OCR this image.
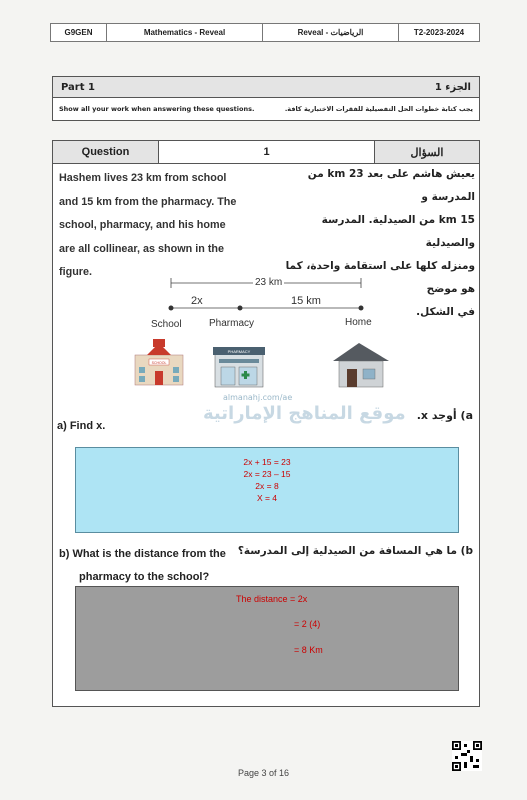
G9GEN	Mathematics - Reveal	Reveal - الرياضيات	T2-2023-2024
Part 1	الجزء 1
Show all your work when answering these questions.	يجب كتابة خطوات الحل التفصيلية للفقرات الاختبارية كافة.
Question	1	السؤال
Hashem lives 23 km from school
and 15 km from the pharmacy. The
school, pharmacy, and his home
are all collinear, as shown in the
figure.
يعيش هاشم على بعد 23 km من المدرسة و
15 km من الصيدلية. المدرسة والصيدلية
ومنزله كلها على استقامة واحدة، كما هو موضح
في الشكل.
SCHOOL
PHARMACY
23 km
2x	15 km
School	Pharmacy	Home
almanahj.com/ae
موقع المناهج الإماراتية
a) Find x.
a) أوجد x.
2x + 15 = 23
2x = 23 – 15
2x = 8
X = 4
b) What is the distance from the
pharmacy to the school?
b) ما هي المسافة من الصيدلية إلى المدرسة؟
The distance = 2x
= 2 (4)
= 8 Km
Page 3 of 16
